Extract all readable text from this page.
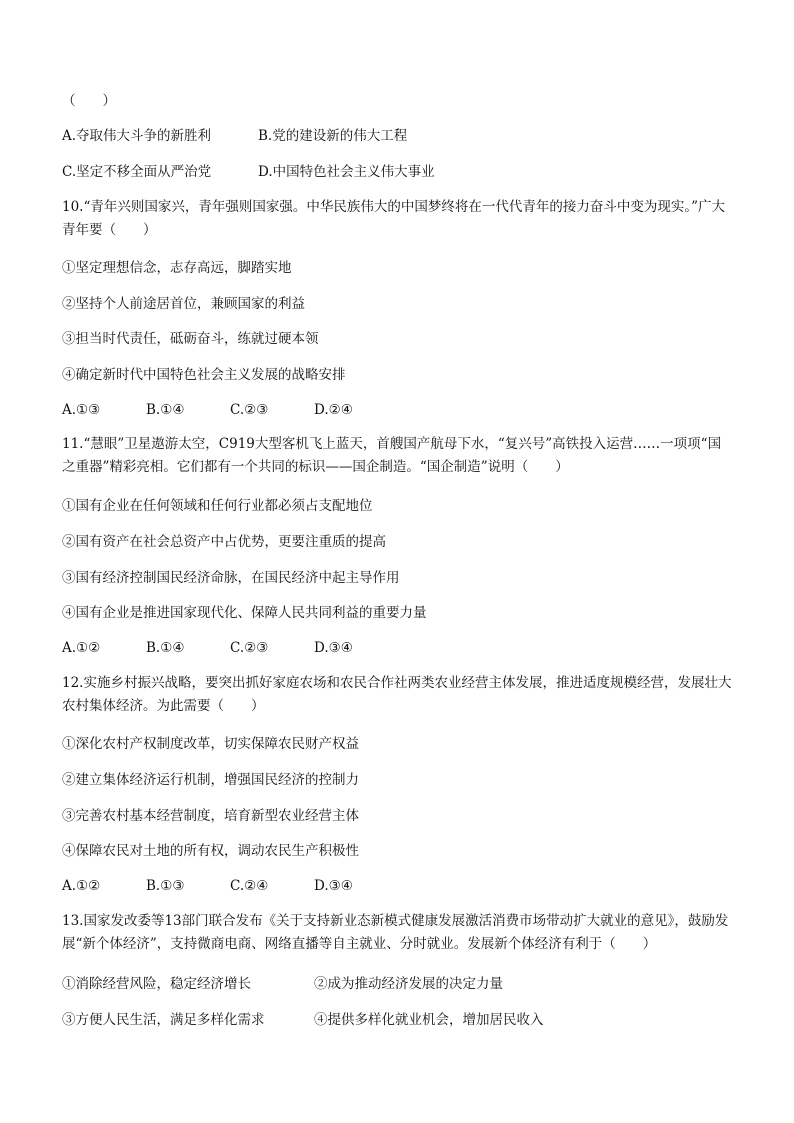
（　　）
A.夺取伟大斗争的新胜利	B.党的建设新的伟大工程
C.坚定不移全面从严治党	D.中国特色社会主义伟大事业
10.“青年兴则国家兴，青年强则国家强。中华民族伟大的中国梦终将在一代代青年的接力奋斗中变为现实。”广大青年要（　　）
①坚定理想信念，志存高远，脚踏实地
②坚持个人前途居首位，兼顾国家的利益
③担当时代责任，砥砺奋斗，练就过硬本领
④确定新时代中国特色社会主义发展的战略安排
A.①③	B.①④	C.②③	D.②④
11.“慧眼”卫星遨游太空，C919大型客机飞上蓝天，首艘国产航母下水，“复兴号”高铁投入运营……一项项“国之重器”精彩亮相。它们都有一个共同的标识——国企制造。“国企制造”说明（　　）
①国有企业在任何领域和任何行业都必须占支配地位
②国有资产在社会总资产中占优势，更要注重质的提高
③国有经济控制国民经济命脉，在国民经济中起主导作用
④国有企业是推进国家现代化、保障人民共同利益的重要力量
A.①②	B.①④	C.②③	D.③④
12.实施乡村振兴战略，要突出抓好家庭农场和农民合作社两类农业经营主体发展，推进适度规模经营，发展壮大农村集体经济。为此需要（　　）
①深化农村产权制度改革，切实保障农民财产权益
②建立集体经济运行机制，增强国民经济的控制力
③完善农村基本经营制度，培育新型农业经营主体
④保障农民对土地的所有权，调动农民生产积极性
A.①②	B.①③	C.②④	D.③④
13.国家发改委等13部门联合发布《关于支持新业态新模式健康发展激活消费市场带动扩大就业的意见》，鼓励发展“新个体经济”，支持微商电商、网络直播等自主就业、分时就业。发展新个体经济有利于（　　）
①消除经营风险，稳定经济增长	②成为推动经济发展的决定力量
③方便人民生活，满足多样化需求	④提供多样化就业机会，增加居民收入
